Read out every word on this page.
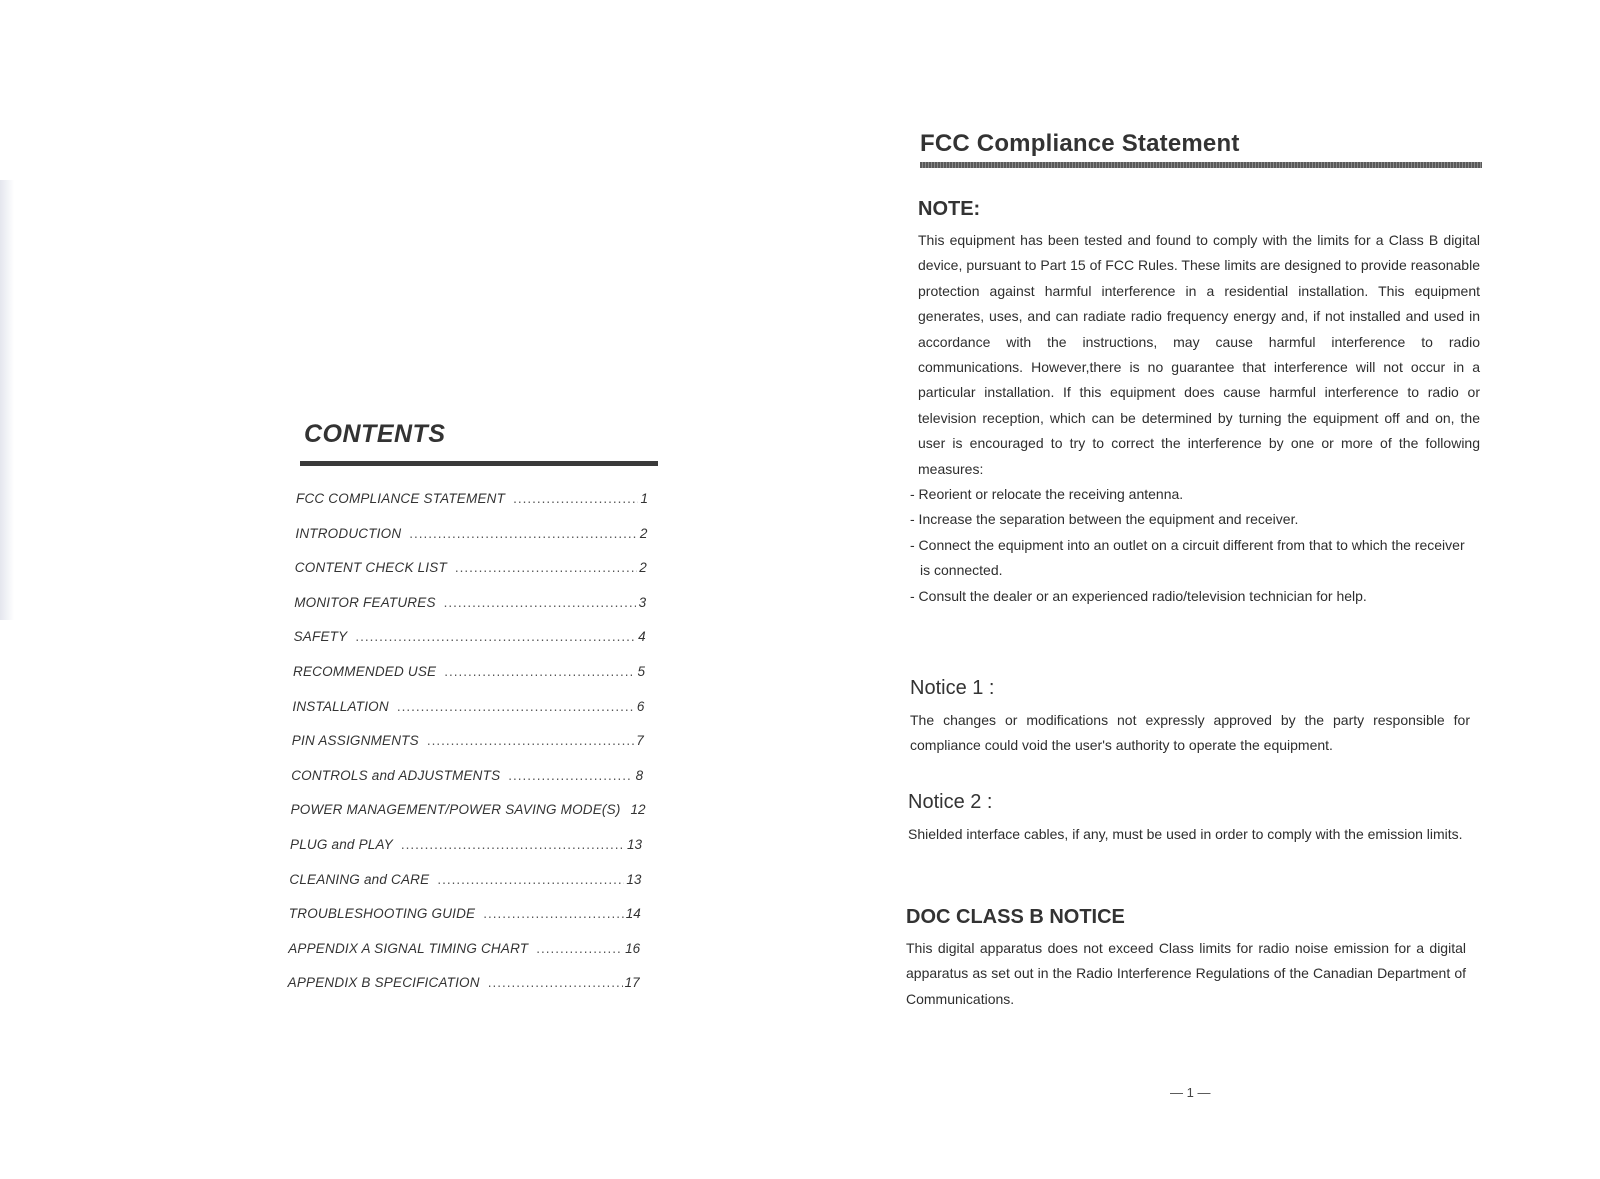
CONTENTS
FCC COMPLIANCE STATEMENT .....	1
INTRODUCTION .....	2
CONTENT CHECK LIST .....	2
MONITOR FEATURES .....	3
SAFETY .....	4
RECOMMENDED USE .....	5
INSTALLATION .....	6
PIN ASSIGNMENTS .....	7
CONTROLS and ADJUSTMENTS .....	8
POWER MANAGEMENT/POWER SAVING MODE(S) 12
PLUG and PLAY .....	13
CLEANING and CARE .....	13
TROUBLESHOOTING GUIDE .....	14
APPENDIX A SIGNAL TIMING CHART .....	16
APPENDIX B SPECIFICATION .....	17
FCC Compliance Statement
NOTE:

This equipment has been tested and found to comply with the limits for a Class B digital device, pursuant to Part 15 of FCC Rules. These limits are designed to provide reasonable protection against harmful interference in a residential installation. This equipment generates, uses, and can radiate radio frequency energy and, if not installed and used in accordance with the instructions, may cause harmful interference to radio communications. However,there is no guarantee that interference will not occur in a particular installation. If this equipment does cause harmful interference to radio or television reception, which can be determined by turning the equipment off and on, the user is encouraged to try to correct the interference by one or more of the following measures:

- Reorient or relocate the receiving antenna.
- Increase the separation between the equipment and receiver.
- Connect the equipment into an outlet on a circuit different from that to which the receiver is connected.
- Consult the dealer or an experienced radio/television technician for help.
Notice 1 :

The changes or modifications not expressly approved by the party responsible for compliance could void the user's authority to operate the equipment.

Notice 2 :

Shielded interface cables, if any, must be used in order to comply with the emission limits.

DOC CLASS B NOTICE

This digital apparatus does not exceed Class limits for radio noise emission for a digital apparatus as set out in the Radio Interference Regulations of the Canadian Department of Communications.

— 1 —
